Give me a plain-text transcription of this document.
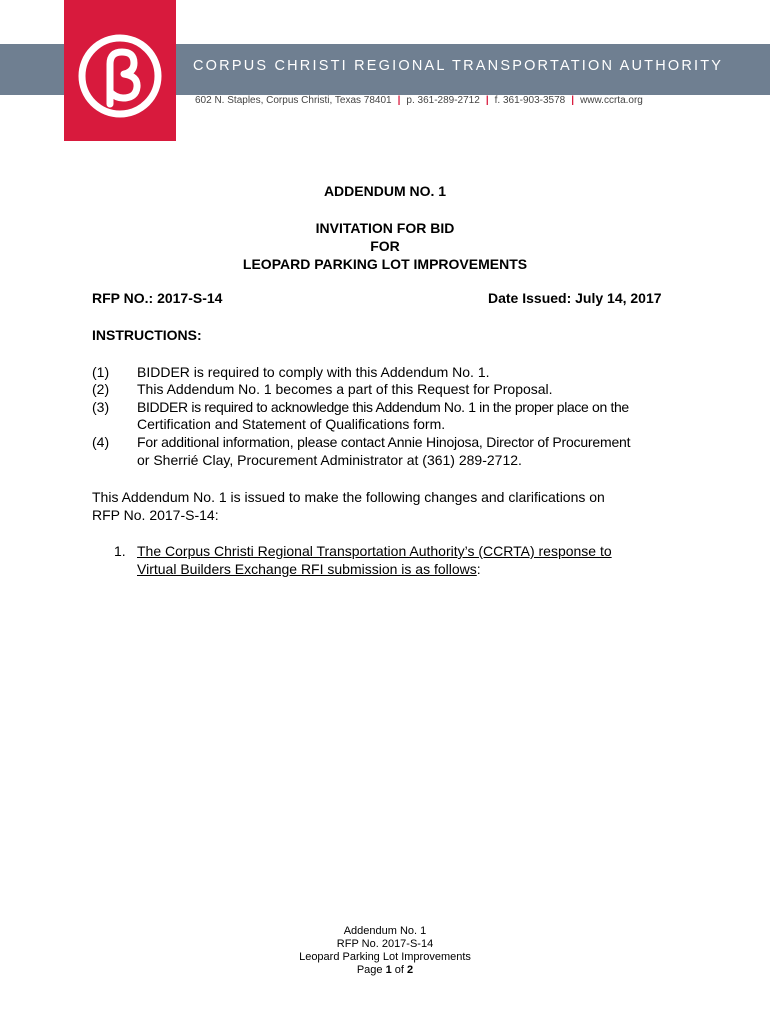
CORPUS CHRISTI REGIONAL TRANSPORTATION AUTHORITY
602 N. Staples, Corpus Christi, Texas 78401 | p. 361-289-2712 | f. 361-903-3578 | www.ccrta.org
ADDENDUM NO. 1
INVITATION FOR BID
FOR
LEOPARD PARKING LOT IMPROVEMENTS
RFP NO.: 2017-S-14	Date Issued: July 14, 2017
INSTRUCTIONS:
(1) BIDDER is required to comply with this Addendum No. 1.
(2) This Addendum No. 1 becomes a part of this Request for Proposal.
(3) BIDDER is required to acknowledge this Addendum No. 1 in the proper place on the
Certification and Statement of Qualifications form.
(4) For additional information, please contact Annie Hinojosa, Director of Procurement
or Sherrié Clay, Procurement Administrator at (361) 289-2712.
This Addendum No. 1 is issued to make the following changes and clarifications on
RFP No. 2017-S-14:
1. The Corpus Christi Regional Transportation Authority’s (CCRTA) response to
Virtual Builders Exchange RFI submission is as follows:
Addendum No. 1
RFP No. 2017-S-14
Leopard Parking Lot Improvements
Page 1 of 2
